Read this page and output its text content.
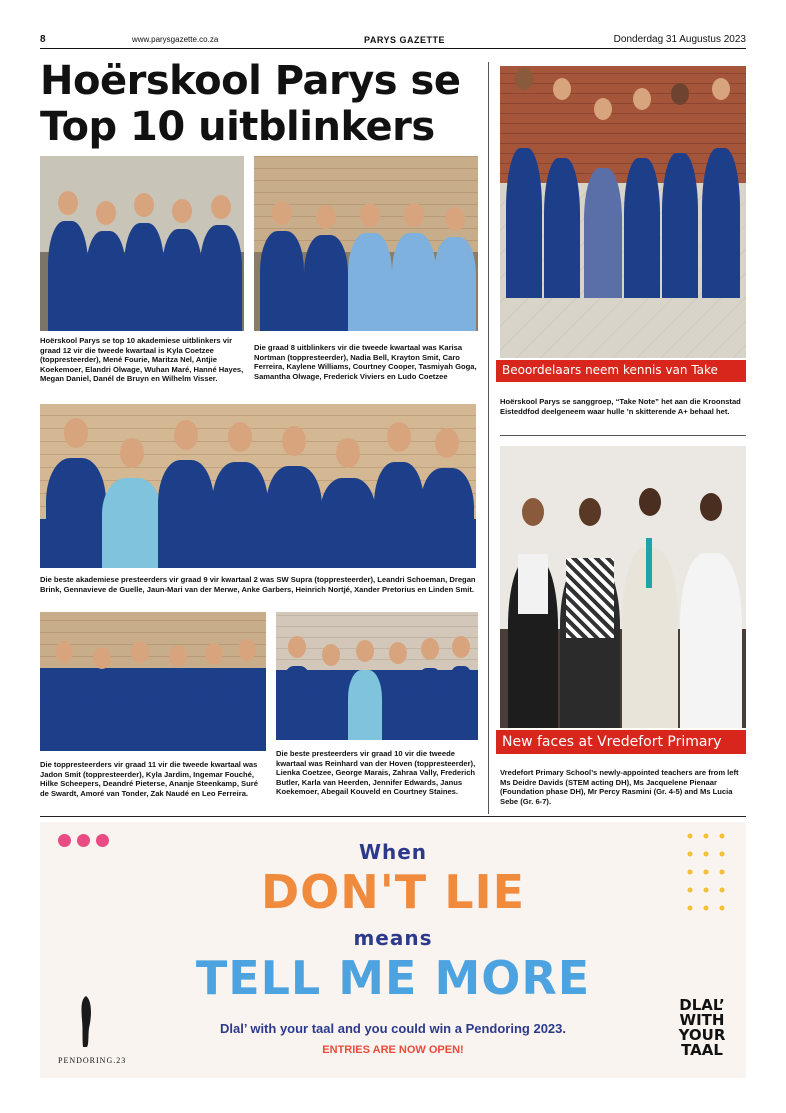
8	www.parysgazette.co.za	PARYS GAZETTE	Donderdag 31 Augustus 2023
Hoërskool Parys se Top 10 uitblinkers
Hoërskool Parys se top 10 akademiese uitblinkers vir graad 12 vir die tweede kwartaal is Kyla Coetzee (toppresteerder), Mené Fourie, Maritza Nel, Antjie Koekemoer, Elandri Olwage, Wuhan Maré, Hanné Hayes, Megan Daniel, Danél de Bruyn en Wilhelm Visser.
Die graad 8 uitblinkers vir die tweede kwartaal was Karisa Nortman (toppresteerder), Nadia Bell, Krayton Smit, Caro Ferreira, Kaylene Williams, Courtney Cooper, Tasmiyah Goga, Samantha Olwage, Frederick Viviers en Ludo Coetzee	Beoordelaars neem kennis van Take Note talent
Hoërskool Parys se sanggroep, “Take Note” het aan die Kroonstad Eisteddfod deelgeneem waar hulle ’n skitterende A+ behaal het.
Die beste akademiese presteerders vir graad 9 vir kwartaal 2 was SW Supra (toppresteerder), Leandri Schoeman, Dregan Brink, Gennavieve de Guelle, Jaun-Mari van der Merwe, Anke Garbers, Heinrich Nortjé, Xander Pretorius en Linden Smit.
Die toppresteerders vir graad 11 vir die tweede kwartaal was Jadon Smit (toppresteerder), Kyla Jardim, Ingemar Fouché, Hilke Scheepers, Deandré Pieterse, Ananje Steenkamp, Suré de Swardt, Amoré van Tonder, Zak Naudé en Leo Ferreira.
Die beste presteerders vir graad 10 vir die tweede kwartaal was Reinhard van der Hoven (toppresteerder), Lienka Coetzee, George Marais, Zahraa Vally, Frederich Butler, Karla van Heerden, Jennifer Edwards, Janus Koekemoer, Abegail Kouveld en Courtney Staines.
New faces at Vredefort Primary
Vredefort Primary School’s newly-appointed teachers are from left Ms Deidre Davids (STEM acting DH), Ms Jacquelene Pienaar (Foundation phase DH), Mr Percy Rasmini (Gr. 4-5) and Ms Lucia Sebe (Gr. 6-7).
When
DON'T LIE
means
TELL ME MORE
Dlal’ with your taal and you could win a Pendoring 2023.
ENTRIES ARE NOW OPEN!
PENDORING.23
DLAL’
WITH
YOUR
TAAL
